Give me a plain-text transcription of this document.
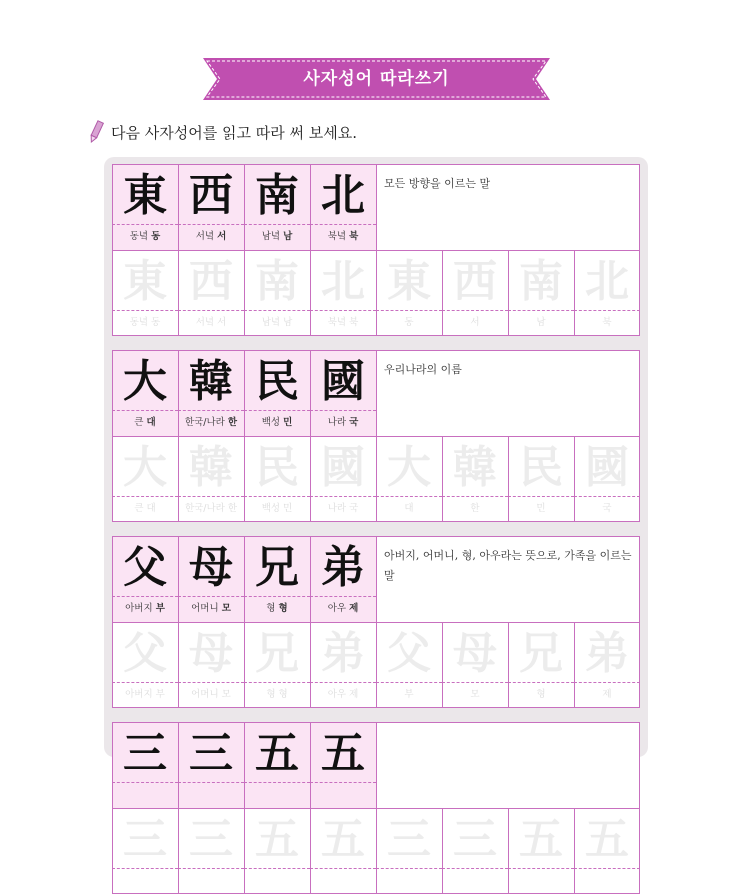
사자성어 따라쓰기
다음 사자성어를 읽고 따라 써 보세요.
東
동녘 동
西
서녘 서
南
남녘 남
北
북녘 북
모든 방향을 이르는 말
東
동녘 동
西
서녘 서
南
남녘 남
北
북녘 북
東
동
西
서
南
남
北
북
大
큰 대
韓
한국/나라 한
民
백성 민
國
나라 국
우리나라의 이름
大
큰 대
韓
한국/나라 한
民
백성 민
國
나라 국
大
대
韓
한
民
민
國
국
父
아버지 부
母
어머니 모
兄
형 형
弟
아우 제
아버지, 어머니, 형, 아우라는 뜻으로, 가족을 이르는 말
父
아버지 부
母
어머니 모
兄
형 형
弟
아우 제
父
부
母
모
兄
형
弟
제
三 三 五 五
三 三 五 五 三 三 五 五
